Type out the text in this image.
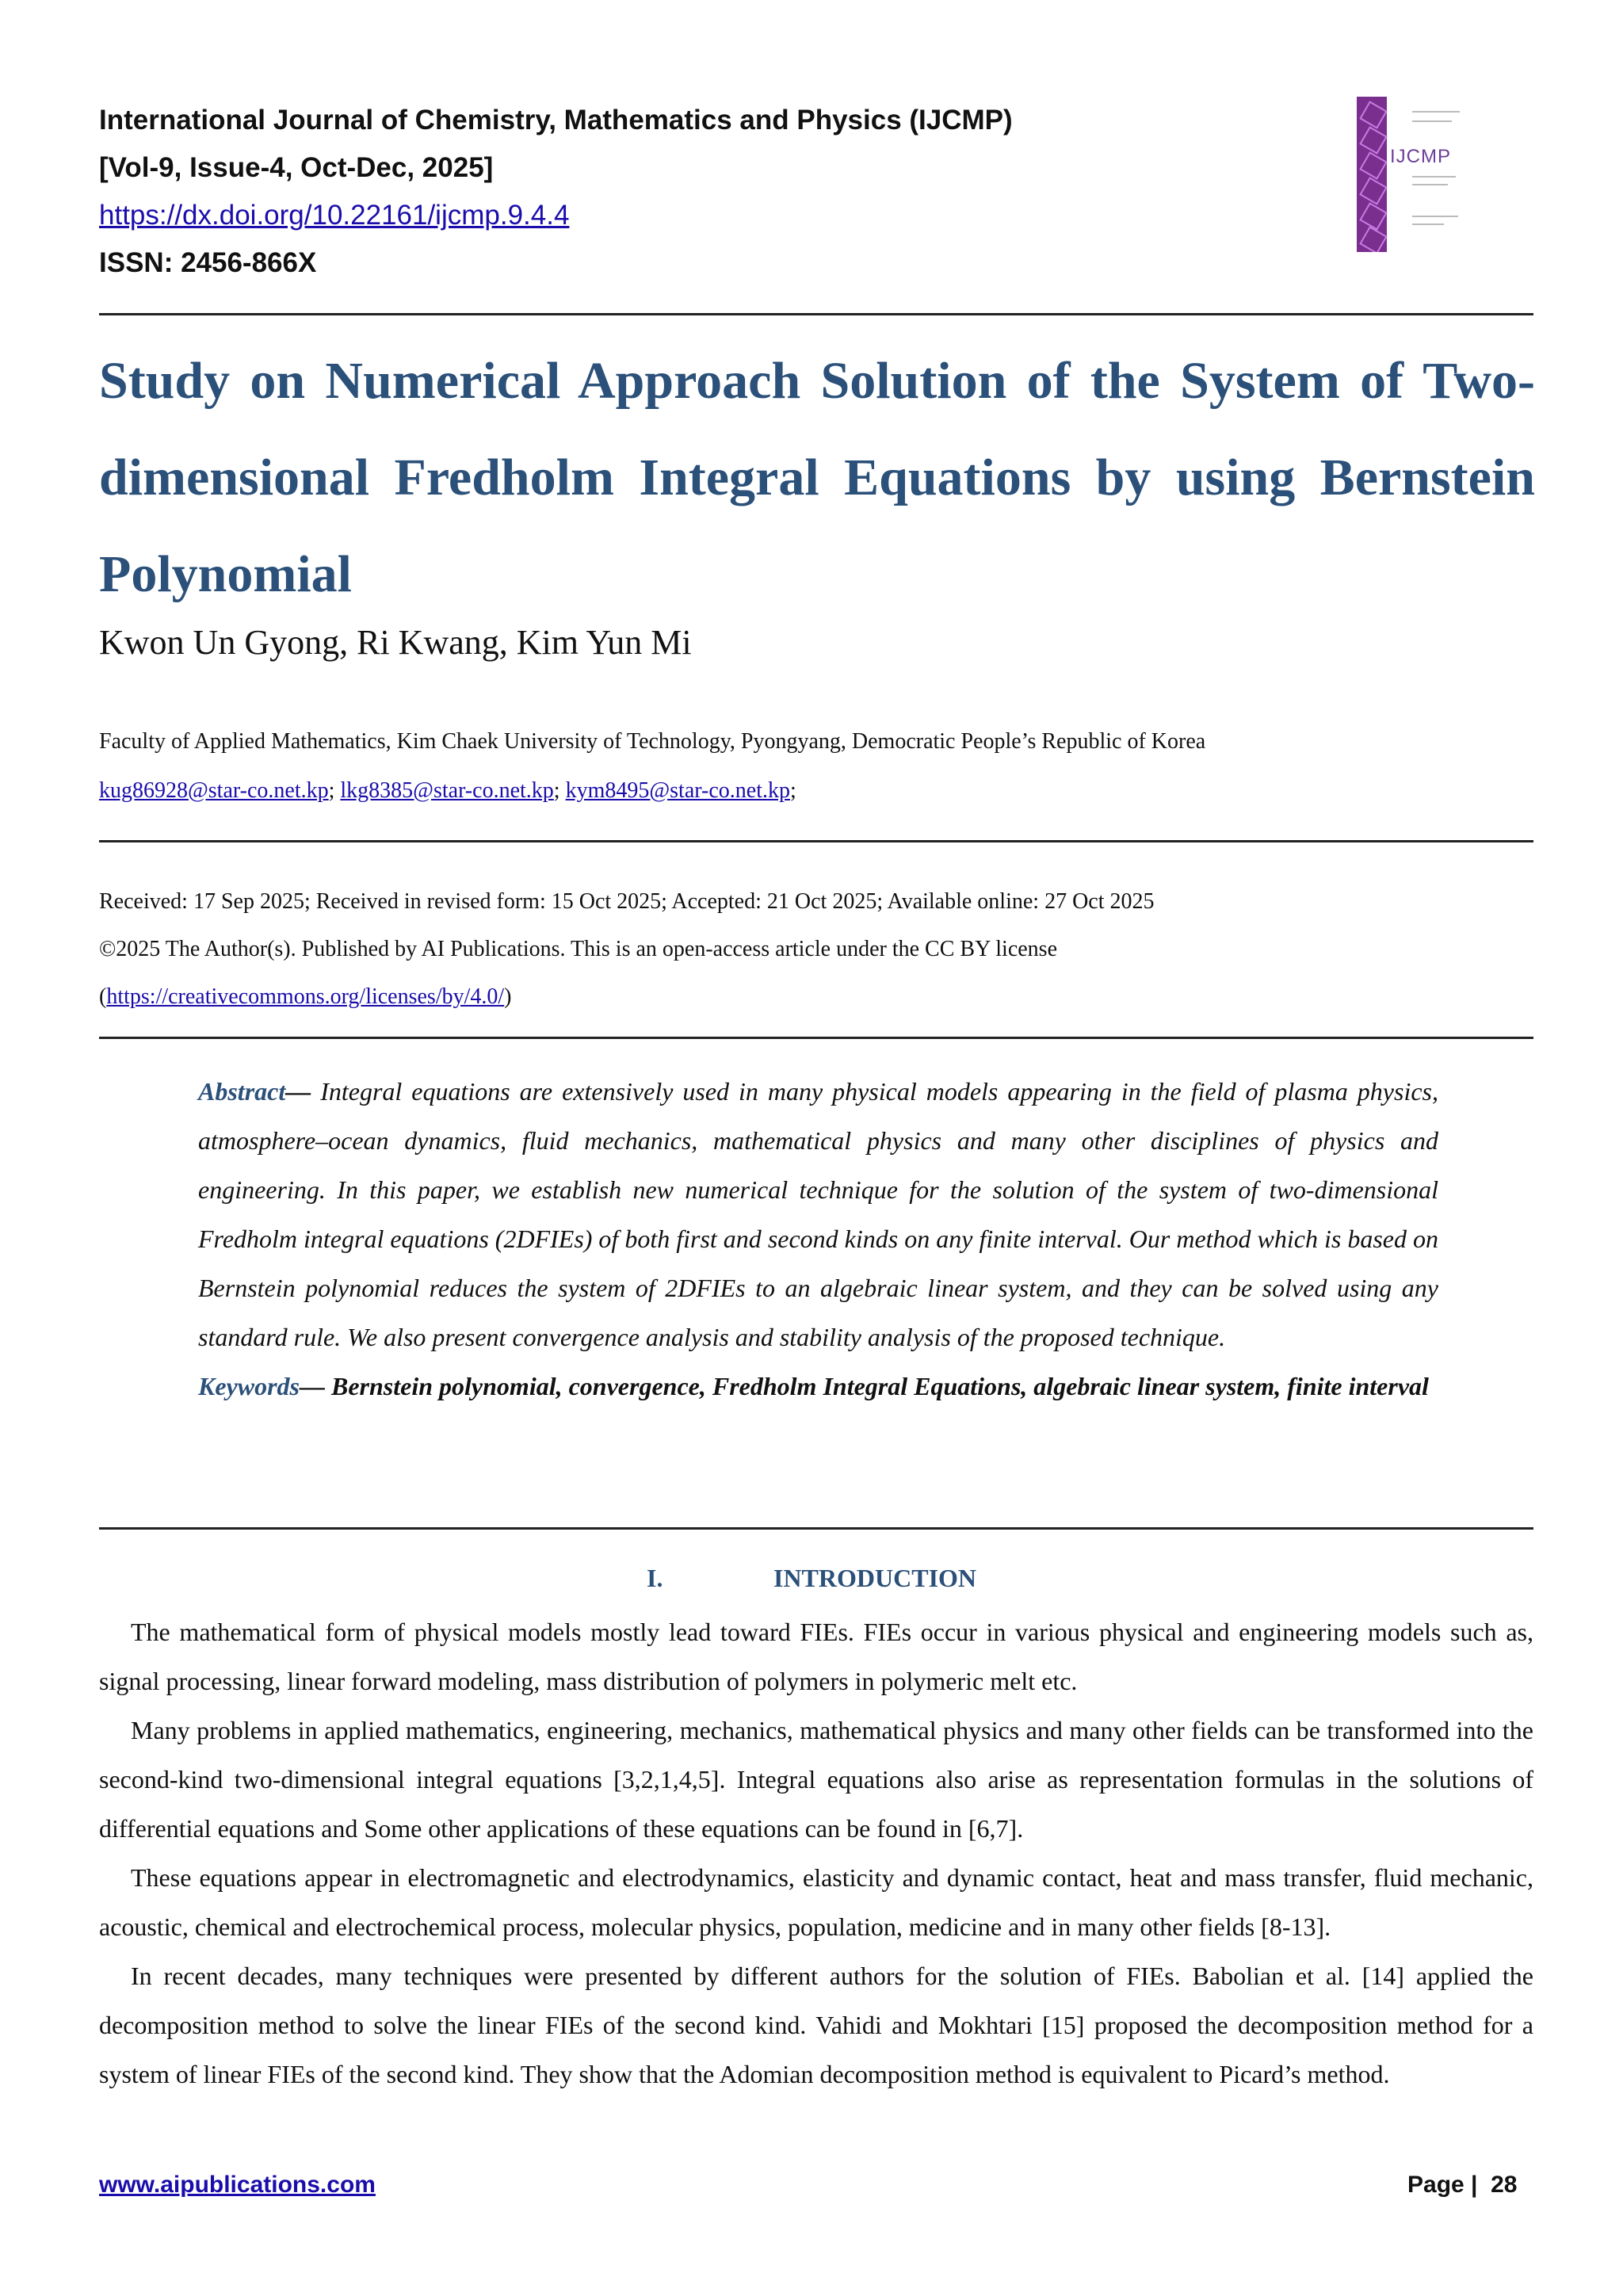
International Journal of Chemistry, Mathematics and Physics (IJCMP)
[Vol-9, Issue-4, Oct-Dec, 2025]
https://dx.doi.org/10.22161/ijcmp.9.4.4
ISSN: 2456-866X
IJCMP
Study on Numerical Approach Solution of the System of Two-dimensional Fredholm Integral Equations by using Bernstein Polynomial
Kwon Un Gyong, Ri Kwang, Kim Yun Mi
Faculty of Applied Mathematics, Kim Chaek University of Technology, Pyongyang, Democratic People’s Republic of Korea
kug86928@star-co.net.kp; lkg8385@star-co.net.kp; kym8495@star-co.net.kp;
Received: 17 Sep 2025; Received in revised form: 15 Oct 2025; Accepted: 21 Oct 2025; Available online: 27 Oct 2025
©2025 The Author(s). Published by AI Publications. This is an open-access article under the CC BY license
(https://creativecommons.org/licenses/by/4.0/)
Abstract— Integral equations are extensively used in many physical models appearing in the field of plasma physics, atmosphere–ocean dynamics, fluid mechanics, mathematical physics and many other disciplines of physics and engineering. In this paper, we establish new numerical technique for the solution of the system of two-dimensional Fredholm integral equations (2DFIEs) of both first and second kinds on any finite interval. Our method which is based on Bernstein polynomial reduces the system of 2DFIEs to an algebraic linear system, and they can be solved using any standard rule. We also present convergence analysis and stability analysis of the proposed technique.
Keywords— Bernstein polynomial, convergence, Fredholm Integral Equations, algebraic linear system, finite interval
I.	INTRODUCTION

The mathematical form of physical models mostly lead toward FIEs. FIEs occur in various physical and engineering models such as, signal processing, linear forward modeling, mass distribution of polymers in polymeric melt etc.

Many problems in applied mathematics, engineering, mechanics, mathematical physics and many other fields can be transformed into the second-kind two-dimensional integral equations [3,2,1,4,5]. Integral equations also arise as representation formulas in the solutions of differential equations and Some other applications of these equations can be found in [6,7].

These equations appear in electromagnetic and electrodynamics, elasticity and dynamic contact, heat and mass transfer, fluid mechanic, acoustic, chemical and electrochemical process, molecular physics, population, medicine and in many other fields [8-13].

In recent decades, many techniques were presented by different authors for the solution of FIEs. Babolian et al. [14] applied the decomposition method to solve the linear FIEs of the second kind. Vahidi and Mokhtari [15] proposed the decomposition method for a system of linear FIEs of the second kind. They show that the Adomian decomposition method is equivalent to Picard’s method.

www.aipublications.com	Page | 28
